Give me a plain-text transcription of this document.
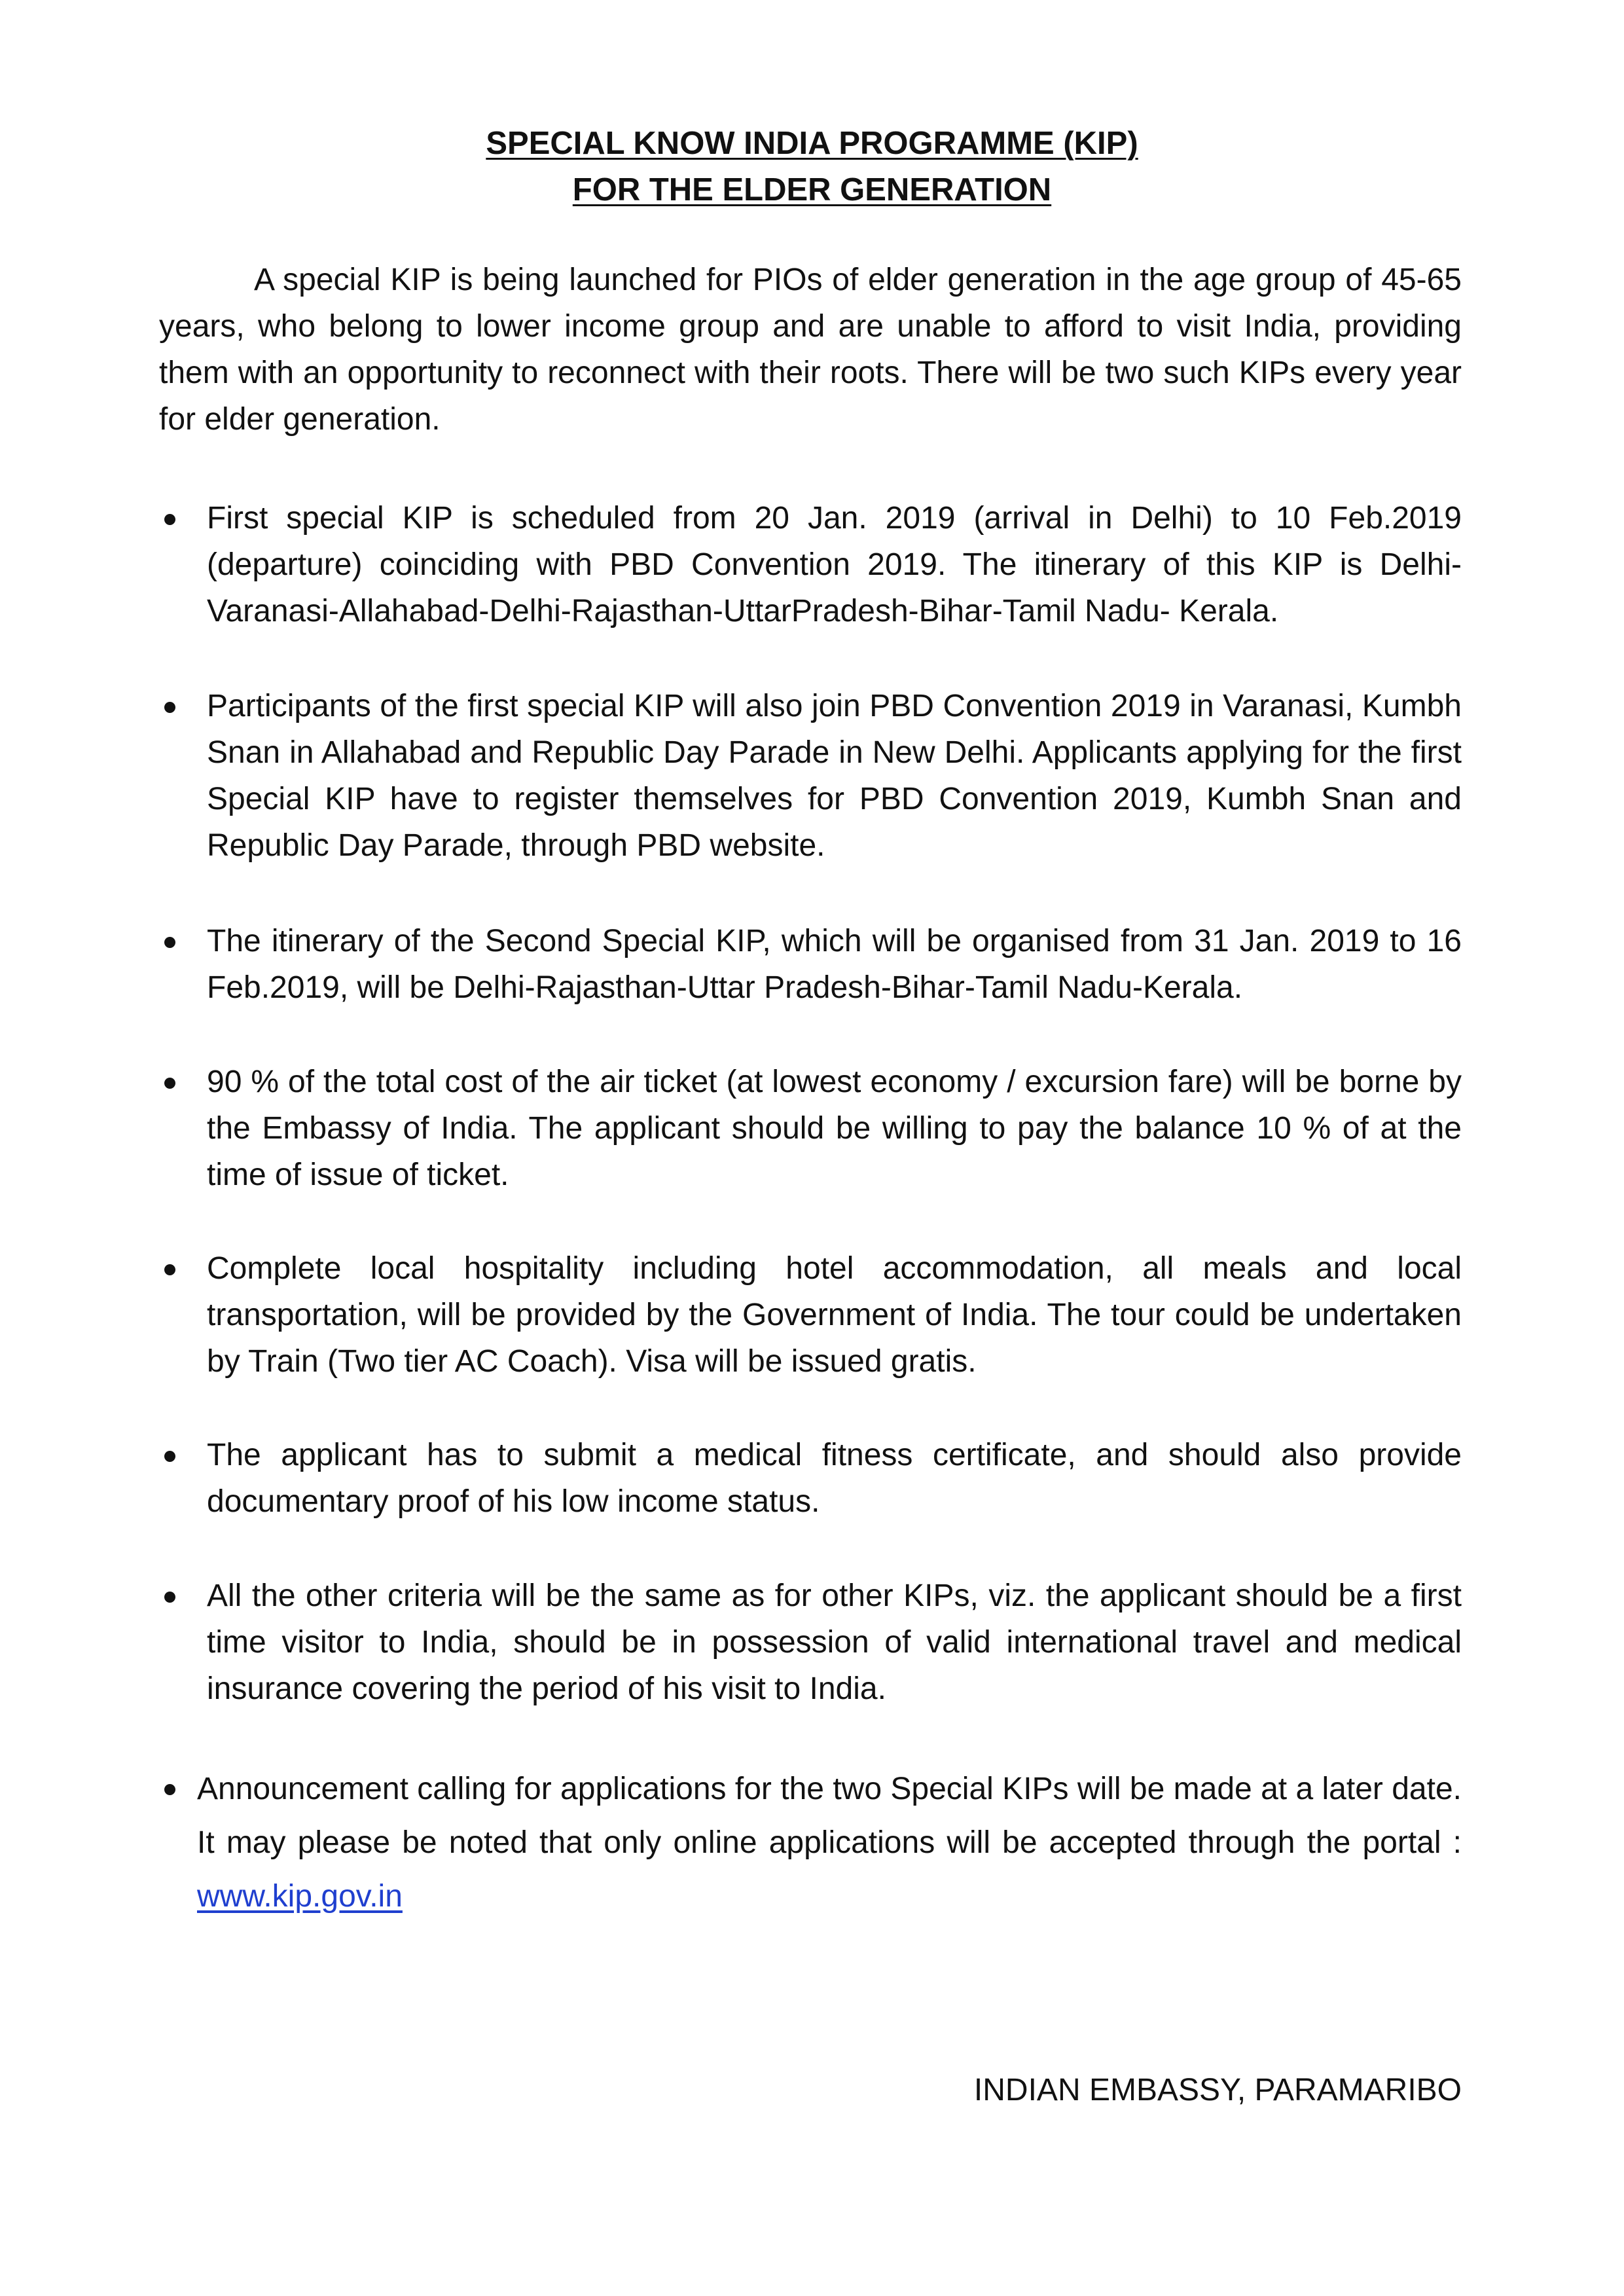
SPECIAL KNOW INDIA PROGRAMME (KIP)
FOR THE ELDER GENERATION

A special KIP is being launched for PIOs of elder generation in the age group of 45-65 years, who belong to lower income group and are unable to afford to visit India, providing them with an opportunity to reconnect with their roots. There will be two such KIPs every year for elder generation.

First special KIP is scheduled from 20 Jan. 2019 (arrival in Delhi) to 10 Feb.2019 (departure) coinciding with PBD Convention 2019. The itinerary of this KIP is Delhi-Varanasi-Allahabad-Delhi-Rajasthan-UttarPradesh-Bihar-Tamil Nadu- Kerala.

Participants of the first special KIP will also join PBD Convention 2019 in Varanasi, Kumbh Snan in Allahabad and Republic Day Parade in New Delhi. Applicants applying for the first Special KIP have to register themselves for PBD Convention 2019, Kumbh Snan and Republic Day Parade, through PBD website.

The itinerary of the Second Special KIP, which will be organised from 31 Jan. 2019 to 16 Feb.2019, will be Delhi-Rajasthan-Uttar Pradesh-Bihar-Tamil Nadu-Kerala.

90 % of the total cost of the air ticket (at lowest economy / excursion fare) will be borne by the Embassy of India. The applicant should be willing to pay the balance 10 % of at the time of issue of ticket.

Complete local hospitality including hotel accommodation, all meals and local transportation, will be provided by the Government of India. The tour could be undertaken by Train (Two tier AC Coach). Visa will be issued gratis.

The applicant has to submit a medical fitness certificate, and should also provide documentary proof of his low income status.

All the other criteria will be the same as for other KIPs, viz. the applicant should be a first time visitor to India, should be in possession of valid international travel and medical insurance covering the period of his visit to India.

Announcement calling for applications for the two Special KIPs will be made at a later date. It may please be noted that only online applications will be accepted through the portal : www.kip.gov.in

INDIAN EMBASSY, PARAMARIBO
